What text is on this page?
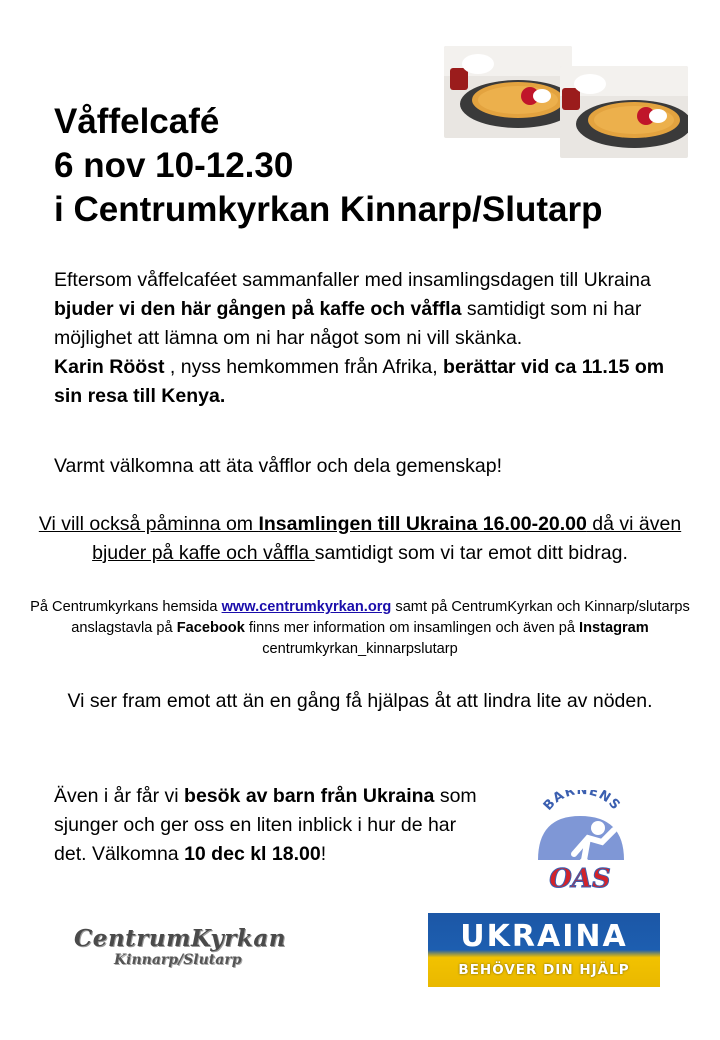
Våffelcafé
6 nov 10-12.30
i Centrumkyrkan Kinnarp/Slutarp
Eftersom våffelcaféet sammanfaller med insamlingsdagen till Ukraina bjuder vi den här gången på kaffe och våffla samtidigt som ni har möjlighet att lämna om ni har något som ni vill skänka.
Karin Rööst , nyss hemkommen från Afrika, berättar vid ca 11.15 om sin resa till Kenya.
Varmt välkomna att äta våfflor och dela gemenskap!
Vi vill också påminna om Insamlingen till Ukraina 16.00-20.00 då vi även bjuder på kaffe och våffla samtidigt som vi tar emot ditt bidrag.
På Centrumkyrkans hemsida www.centrumkyrkan.org samt på CentrumKyrkan och Kinnarp/slutarps anslagstavla på Facebook finns mer information om insamlingen och även på Instagram centrumkyrkan_kinnarpslutarp
Vi ser fram emot att än en gång få hjälpas åt att lindra lite av nöden.
Även i år får vi besök av barn från Ukraina som sjunger och ger oss en liten inblick i hur de har det. Välkomna 10 dec kl 18.00!
BARNENS
OAS
CentrumKyrkan
Kinnarp/Slutarp
UKRAINA
BEHÖVER DIN HJÄLP
